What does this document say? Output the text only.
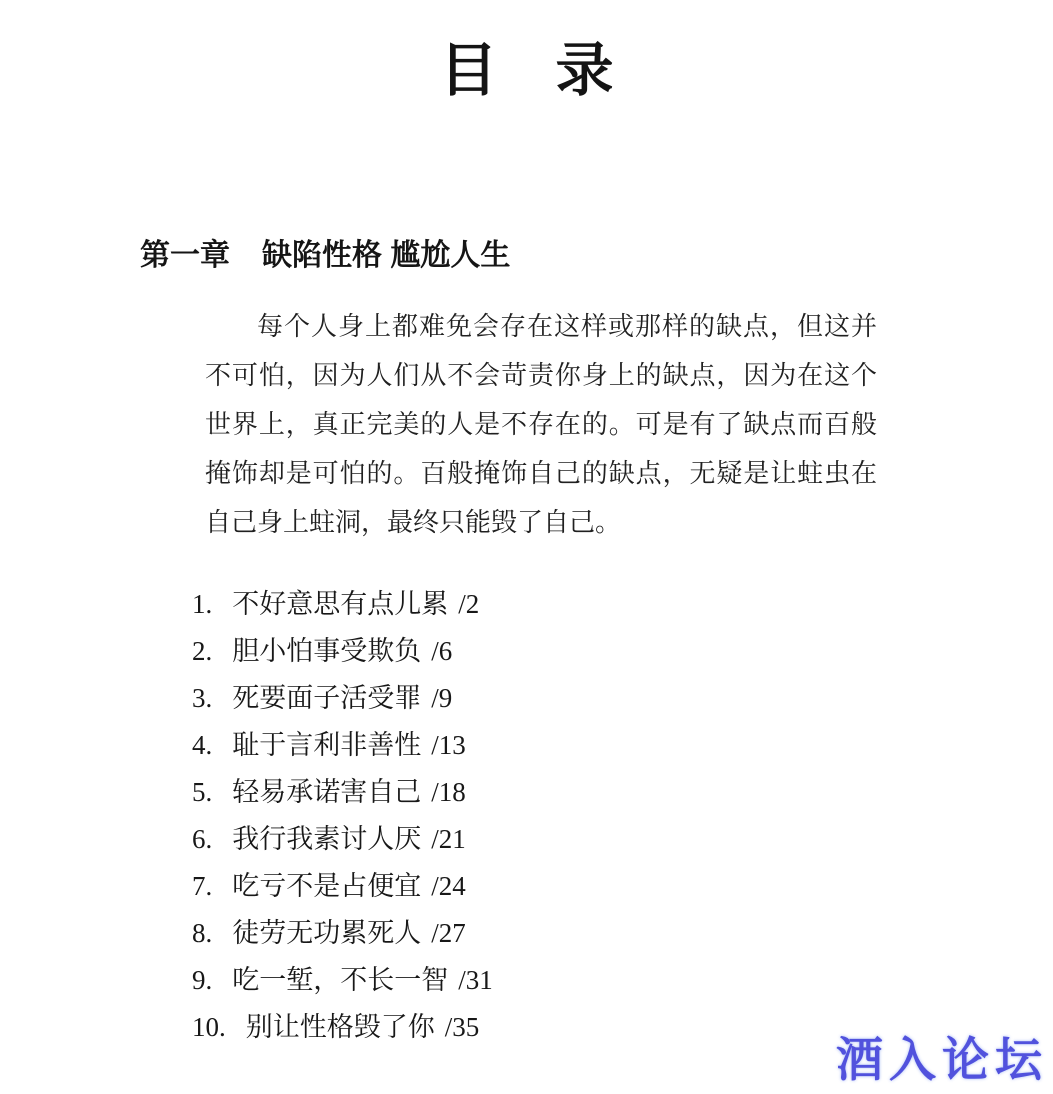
目　录
第一章 缺陷性格 尴尬人生
每个人身上都难免会存在这样或那样的缺点，但这并
不可怕，因为人们从不会苛责你身上的缺点，因为在这个
世界上，真正完美的人是不存在的。可是有了缺点而百般
掩饰却是可怕的。百般掩饰自己的缺点，无疑是让蛀虫在
自己身上蛀洞，最终只能毁了自己。
1. 不好意思有点儿累 /2
2. 胆小怕事受欺负 /6
3. 死要面子活受罪 /9
4. 耻于言利非善性 /13
5. 轻易承诺害自己 /18
6. 我行我素讨人厌 /21
7. 吃亏不是占便宜 /24
8. 徒劳无功累死人 /27
9. 吃一堑，不长一智 /31
10. 别让性格毁了你 /35
酒入论坛
